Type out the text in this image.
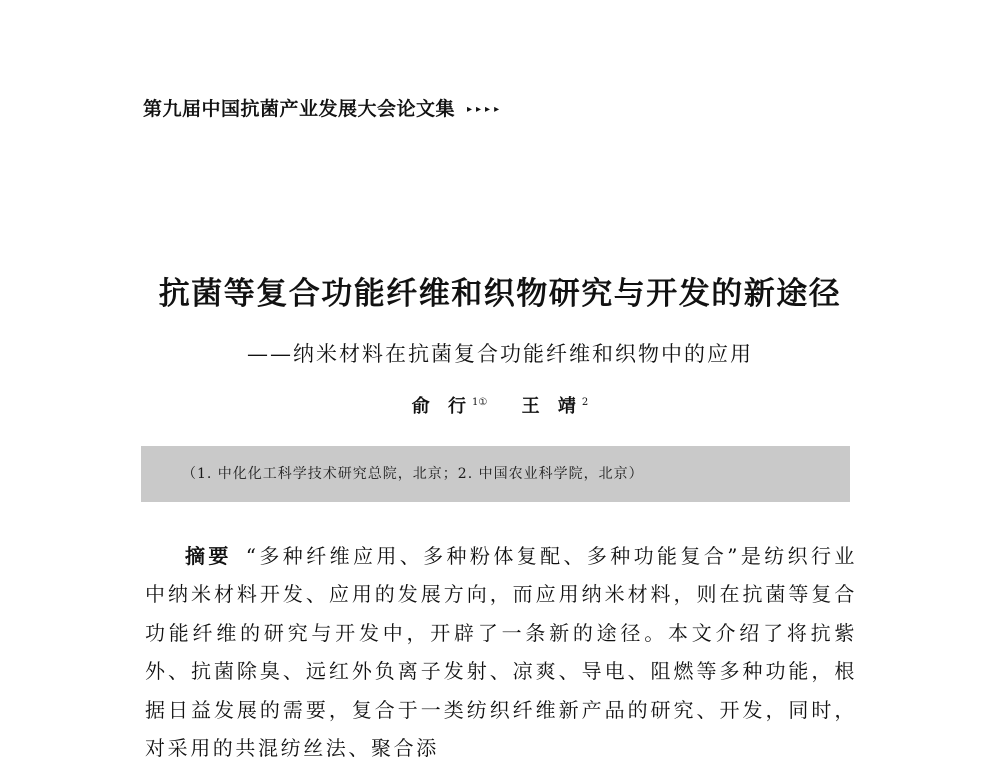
第九届中国抗菌产业发展大会论文集 ▸▸▸▸
抗菌等复合功能纤维和织物研究与开发的新途径
——纳米材料在抗菌复合功能纤维和织物中的应用
俞 行$^{1①}$ 王 靖$^2$
（1. 中化化工科学技术研究总院，北京；2. 中国农业科学院，北京）

摘要 “多种纤维应用、多种粉体复配、多种功能复合”是纺织行业中纳米材料开发、应用的发展方向，而应用纳米材料，则在抗菌等复合功能纤维的研究与开发中，开辟了一条新的途径。本文介绍了将抗紫外、抗菌除臭、远红外负离子发射、凉爽、导电、阻燃等多种功能，根据日益发展的需要，复合于一类纺织纤维新产品的研究、开发，同时，对采用的共混纺丝法、聚合添
